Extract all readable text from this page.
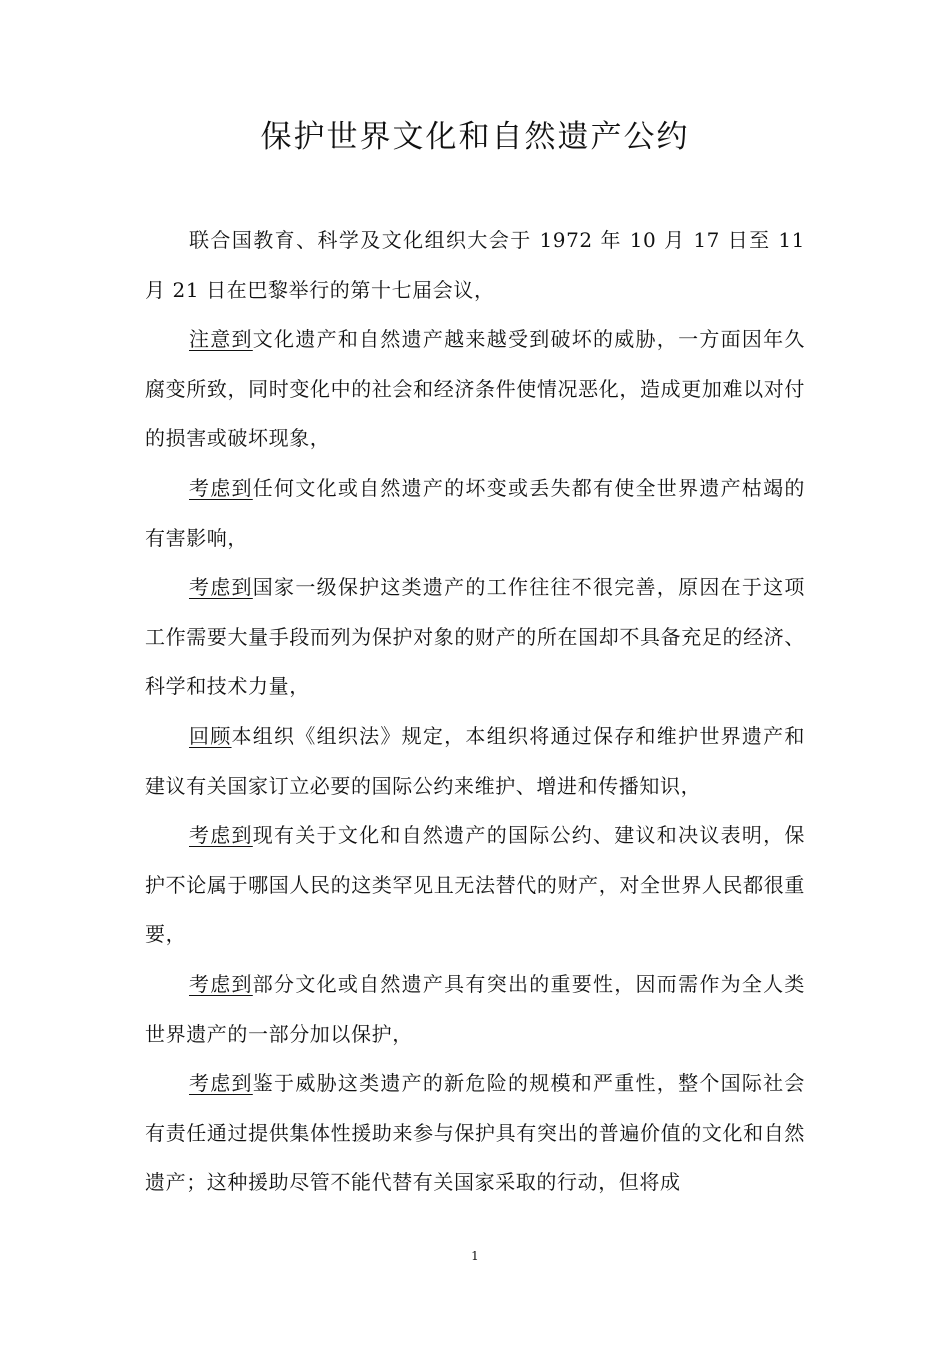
保护世界文化和自然遗产公约

联合国教育、科学及文化组织大会于 1972 年 10 月 17 日至 11 月 21 日在巴黎举行的第十七届会议，

注意到文化遗产和自然遗产越来越受到破坏的威胁，一方面因年久腐变所致，同时变化中的社会和经济条件使情况恶化，造成更加难以对付的损害或破坏现象，

考虑到任何文化或自然遗产的坏变或丢失都有使全世界遗产枯竭的有害影响，

考虑到国家一级保护这类遗产的工作往往不很完善，原因在于这项工作需要大量手段而列为保护对象的财产的所在国却不具备充足的经济、科学和技术力量，

回顾本组织《组织法》规定，本组织将通过保存和维护世界遗产和建议有关国家订立必要的国际公约来维护、增进和传播知识，

考虑到现有关于文化和自然遗产的国际公约、建议和决议表明，保护不论属于哪国人民的这类罕见且无法替代的财产，对全世界人民都很重要，

考虑到部分文化或自然遗产具有突出的重要性，因而需作为全人类世界遗产的一部分加以保护，

考虑到鉴于威胁这类遗产的新危险的规模和严重性，整个国际社会有责任通过提供集体性援助来参与保护具有突出的普遍价值的文化和自然遗产；这种援助尽管不能代替有关国家采取的行动，但将成

1
